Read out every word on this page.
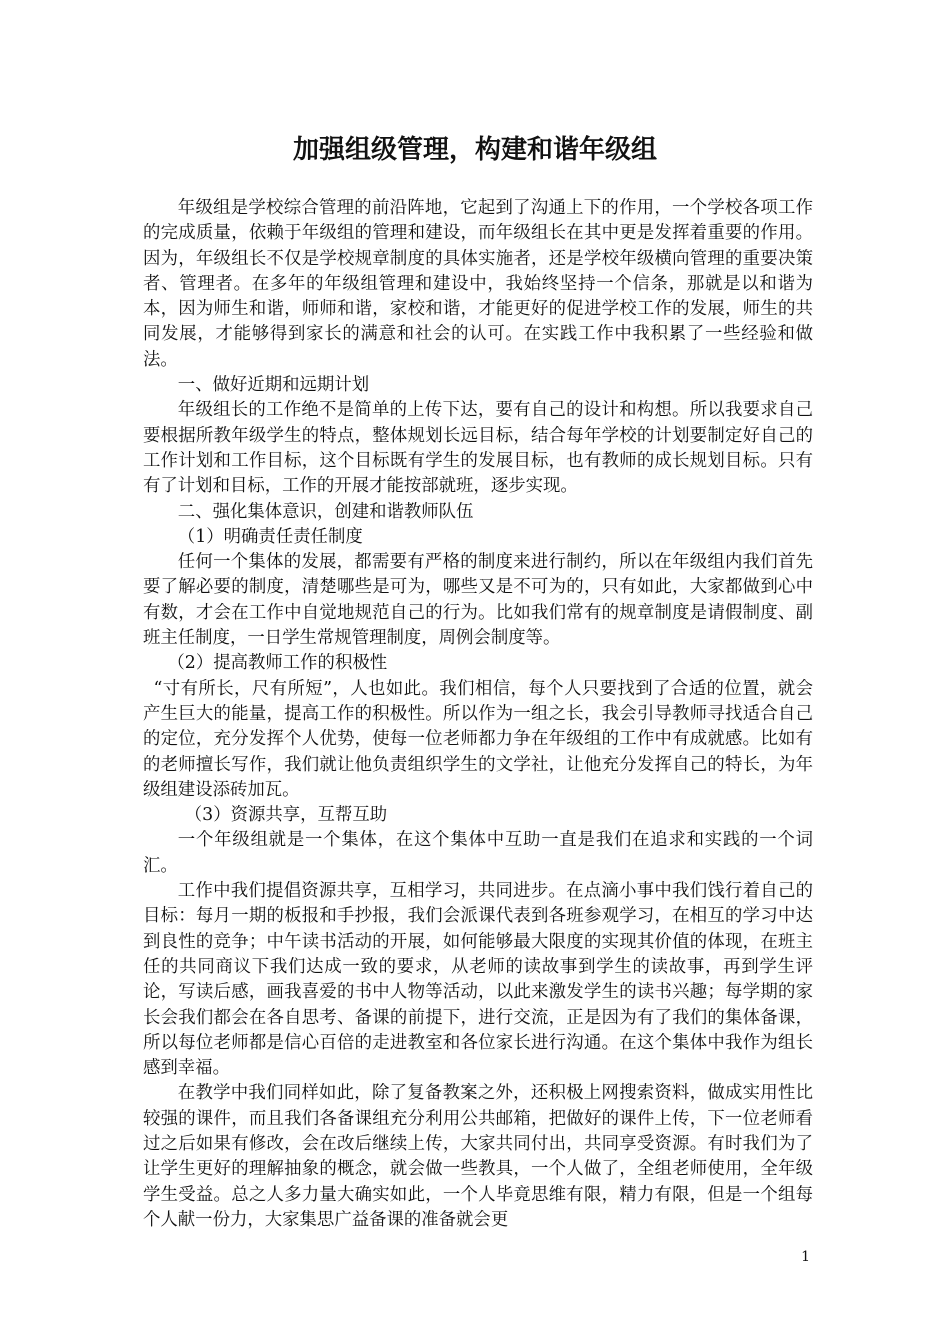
加强组级管理，构建和谐年级组

年级组是学校综合管理的前沿阵地，它起到了沟通上下的作用，一个学校各项工作的完成质量，依赖于年级组的管理和建设，而年级组长在其中更是发挥着重要的作用。因为，年级组长不仅是学校规章制度的具体实施者，还是学校年级横向管理的重要决策者、管理者。在多年的年级组管理和建设中，我始终坚持一个信条，那就是以和谐为本，因为师生和谐，师师和谐，家校和谐，才能更好的促进学校工作的发展，师生的共同发展，才能够得到家长的满意和社会的认可。在实践工作中我积累了一些经验和做法。

一、做好近期和远期计划

年级组长的工作绝不是简单的上传下达，要有自己的设计和构想。所以我要求自己要根据所教年级学生的特点，整体规划长远目标，结合每年学校的计划要制定好自己的工作计划和工作目标，这个目标既有学生的发展目标，也有教师的成长规划目标。只有有了计划和目标，工作的开展才能按部就班，逐步实现。

二、强化集体意识，创建和谐教师队伍

（1）明确责任责任制度

任何一个集体的发展，都需要有严格的制度来进行制约，所以在年级组内我们首先要了解必要的制度，清楚哪些是可为，哪些又是不可为的，只有如此，大家都做到心中有数，才会在工作中自觉地规范自己的行为。比如我们常有的规章制度是请假制度、副班主任制度，一日学生常规管理制度，周例会制度等。

（2）提高教师工作的积极性

“寸有所长，尺有所短”，人也如此。我们相信，每个人只要找到了合适的位置，就会产生巨大的能量，提高工作的积极性。所以作为一组之长，我会引导教师寻找适合自己的定位，充分发挥个人优势，使每一位老师都力争在年级组的工作中有成就感。比如有的老师擅长写作，我们就让他负责组织学生的文学社，让他充分发挥自己的特长，为年级组建设添砖加瓦。

（3）资源共享，互帮互助

一个年级组就是一个集体，在这个集体中互助一直是我们在追求和实践的一个词汇。

工作中我们提倡资源共享，互相学习，共同进步。在点滴小事中我们饯行着自己的目标：每月一期的板报和手抄报，我们会派课代表到各班参观学习，在相互的学习中达到良性的竞争；中午读书活动的开展，如何能够最大限度的实现其价值的体现，在班主任的共同商议下我们达成一致的要求，从老师的读故事到学生的读故事，再到学生评论，写读后感，画我喜爱的书中人物等活动，以此来激发学生的读书兴趣；每学期的家长会我们都会在各自思考、备课的前提下，进行交流，正是因为有了我们的集体备课，所以每位老师都是信心百倍的走进教室和各位家长进行沟通。在这个集体中我作为组长感到幸福。

在教学中我们同样如此，除了复备教案之外，还积极上网搜索资料，做成实用性比较强的课件，而且我们各备课组充分利用公共邮箱，把做好的课件上传，下一位老师看过之后如果有修改，会在改后继续上传，大家共同付出，共同享受资源。有时我们为了让学生更好的理解抽象的概念，就会做一些教具，一个人做了，全组老师使用，全年级学生受益。总之人多力量大确实如此，一个人毕竟思维有限，精力有限，但是一个组每个人献一份力，大家集思广益备课的准备就会更

1
